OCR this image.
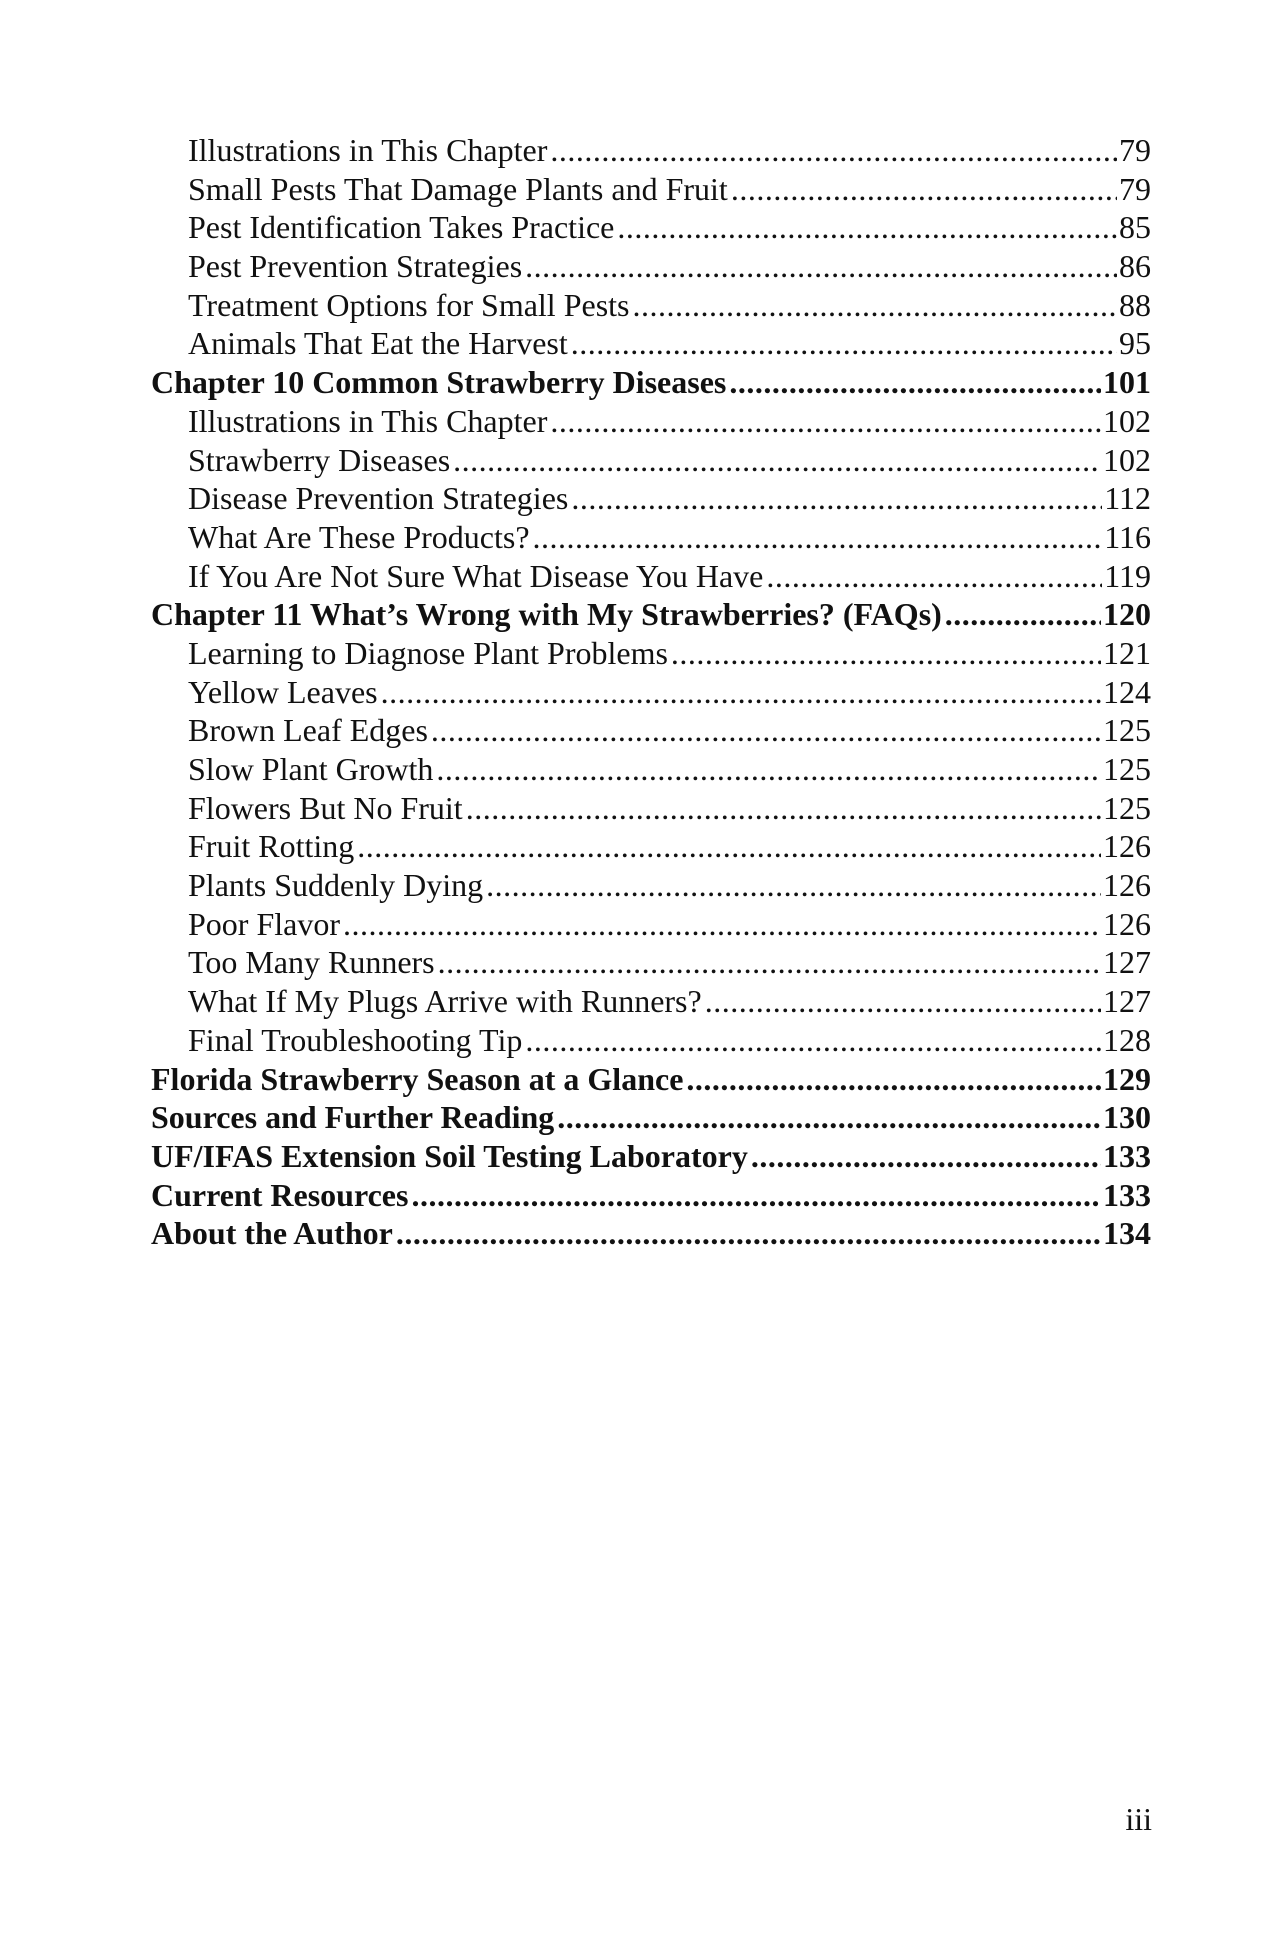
Illustrations in This Chapter .....	79
Small Pests That Damage Plants and Fruit .....	79
Pest Identification Takes Practice .....	85
Pest Prevention Strategies .....	86
Treatment Options for Small Pests .....	88
Animals That Eat the Harvest .....	95
Chapter 10 Common Strawberry Diseases .....	101
Illustrations in This Chapter .....	102
Strawberry Diseases .....	102
Disease Prevention Strategies .....	112
What Are These Products? .....	116
If You Are Not Sure What Disease You Have .....	119
Chapter 11 What’s Wrong with My Strawberries? (FAQs) .....	120
Learning to Diagnose Plant Problems .....	121
Yellow Leaves .....	124
Brown Leaf Edges .....	125
Slow Plant Growth .....	125
Flowers But No Fruit .....	125
Fruit Rotting .....	126
Plants Suddenly Dying .....	126
Poor Flavor .....	126
Too Many Runners .....	127
What If My Plugs Arrive with Runners? .....	127
Final Troubleshooting Tip .....	128
Florida Strawberry Season at a Glance .....	129
Sources and Further Reading .....	130
UF/IFAS Extension Soil Testing Laboratory .....	133
Current Resources .....	133
About the Author .....	134
iii
